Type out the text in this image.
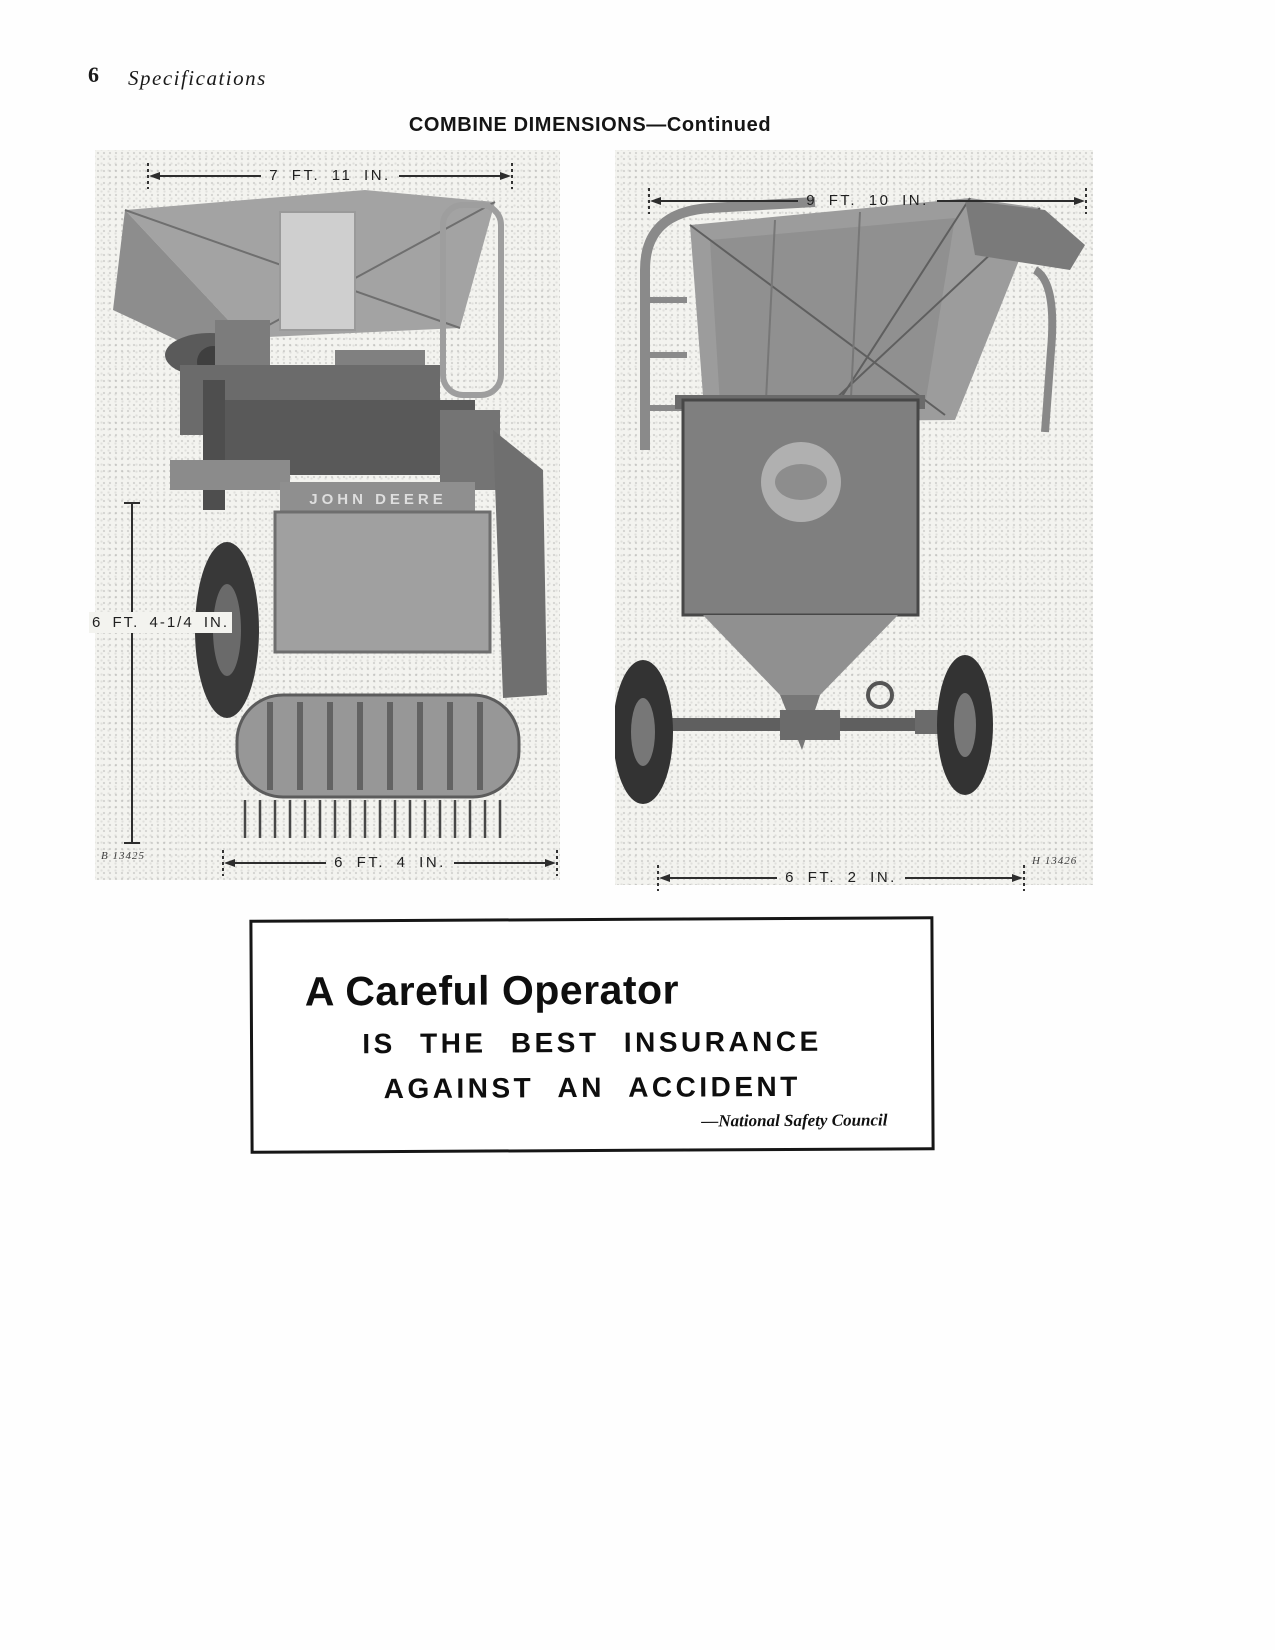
6 Specifications
COMBINE DIMENSIONS—Continued
JOHN DEERE
7 FT. 11 IN.
6 FT. 4-1/4 IN.
6 FT. 4 IN.
B 13425
9 FT. 10 IN.
6 FT. 2 IN.
H 13426
A Careful Operator
IS THE BEST INSURANCE
AGAINST AN ACCIDENT
—National Safety Council
